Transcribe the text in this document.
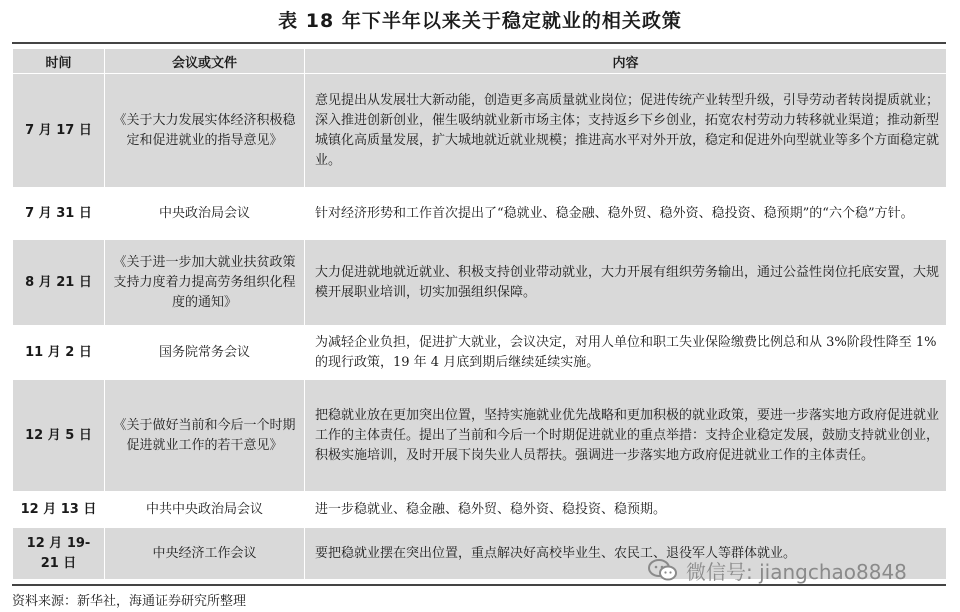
表 18 年下半年以来关于稳定就业的相关政策
时间	会议或文件	内容
7 月 17 日	《关于大力发展实体经济积极稳定和促进就业的指导意见》	意见提出从发展壮大新动能，创造更多高质量就业岗位；促进传统产业转型升级，引导劳动者转岗提质就业；深入推进创新创业，催生吸纳就业新市场主体；支持返乡下乡创业，拓宽农村劳动力转移就业渠道；推动新型城镇化高质量发展，扩大城地就近就业规模；推进高水平对外开放，稳定和促进外向型就业等多个方面稳定就业。
7 月 31 日	中央政治局会议	针对经济形势和工作首次提出了“稳就业、稳金融、稳外贸、稳外资、稳投资、稳预期”的“六个稳”方针。
8 月 21 日	《关于进一步加大就业扶贫政策支持力度着力提高劳务组织化程度的通知》	大力促进就地就近就业、积极支持创业带动就业，大力开展有组织劳务输出，通过公益性岗位托底安置，大规模开展职业培训，切实加强组织保障。
11 月 2 日	国务院常务会议	为减轻企业负担，促进扩大就业，会议决定，对用人单位和职工失业保险缴费比例总和从 3%阶段性降至 1%的现行政策，19 年 4 月底到期后继续延续实施。
12 月 5 日	《关于做好当前和今后一个时期促进就业工作的若干意见》	把稳就业放在更加突出位置，坚持实施就业优先战略和更加积极的就业政策，要进一步落实地方政府促进就业工作的主体责任。提出了当前和今后一个时期促进就业的重点举措：支持企业稳定发展，鼓励支持就业创业，积极实施培训，及时开展下岗失业人员帮扶。强调进一步落实地方政府促进就业工作的主体责任。
12 月 13 日	中共中央政治局会议	进一步稳就业、稳金融、稳外贸、稳外资、稳投资、稳预期。
12 月 19-21 日	中央经济工作会议	要把稳就业摆在突出位置，重点解决好高校毕业生、农民工、退役军人等群体就业。
资料来源：新华社，海通证券研究所整理
微信号: jiangchao8848
